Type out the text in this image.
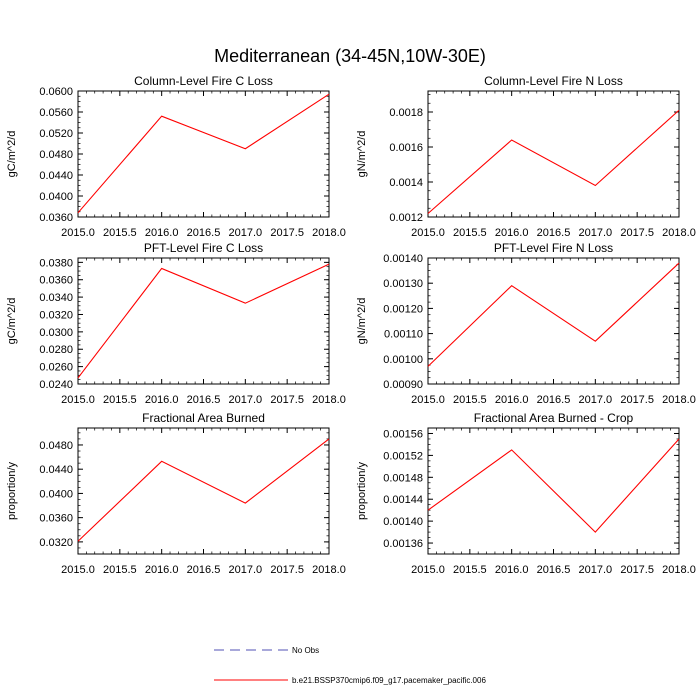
Mediterranean (34-45N,10W-30E)
Column-Level Fire C Loss
gC/m^2/d
2015.0 2015.5 2016.0 2016.5 2017.0 2017.5 2018.0
0.0360
0.0400
0.0440
0.0480
0.0520
0.0560
0.0600
Column-Level Fire N Loss
gN/m^2/d
2015.0 2015.5 2016.0 2016.5 2017.0 2017.5 2018.0
0.0012
0.0014
0.0016
0.0018
PFT-Level Fire C Loss
gC/m^2/d
2015.0 2015.5 2016.0 2016.5 2017.0 2017.5 2018.0
0.0240
0.0260
0.0280
0.0300
0.0320
0.0340
0.0360
0.0380
PFT-Level Fire N Loss
gN/m^2/d
2015.0 2015.5 2016.0 2016.5 2017.0 2017.5 2018.0
0.00090
0.00100
0.00110
0.00120
0.00130
0.00140
Fractional Area Burned
proportion/y
2015.0 2015.5 2016.0 2016.5 2017.0 2017.5 2018.0
0.0320
0.0360
0.0400
0.0440
0.0480
Fractional Area Burned - Crop
proportion/y
2015.0 2015.5 2016.0 2016.5 2017.0 2017.5 2018.0
0.00136
0.00140
0.00144
0.00148
0.00152
0.00156
No Obs
b.e21.BSSP370cmip6.f09_g17.pacemaker_pacific.006
